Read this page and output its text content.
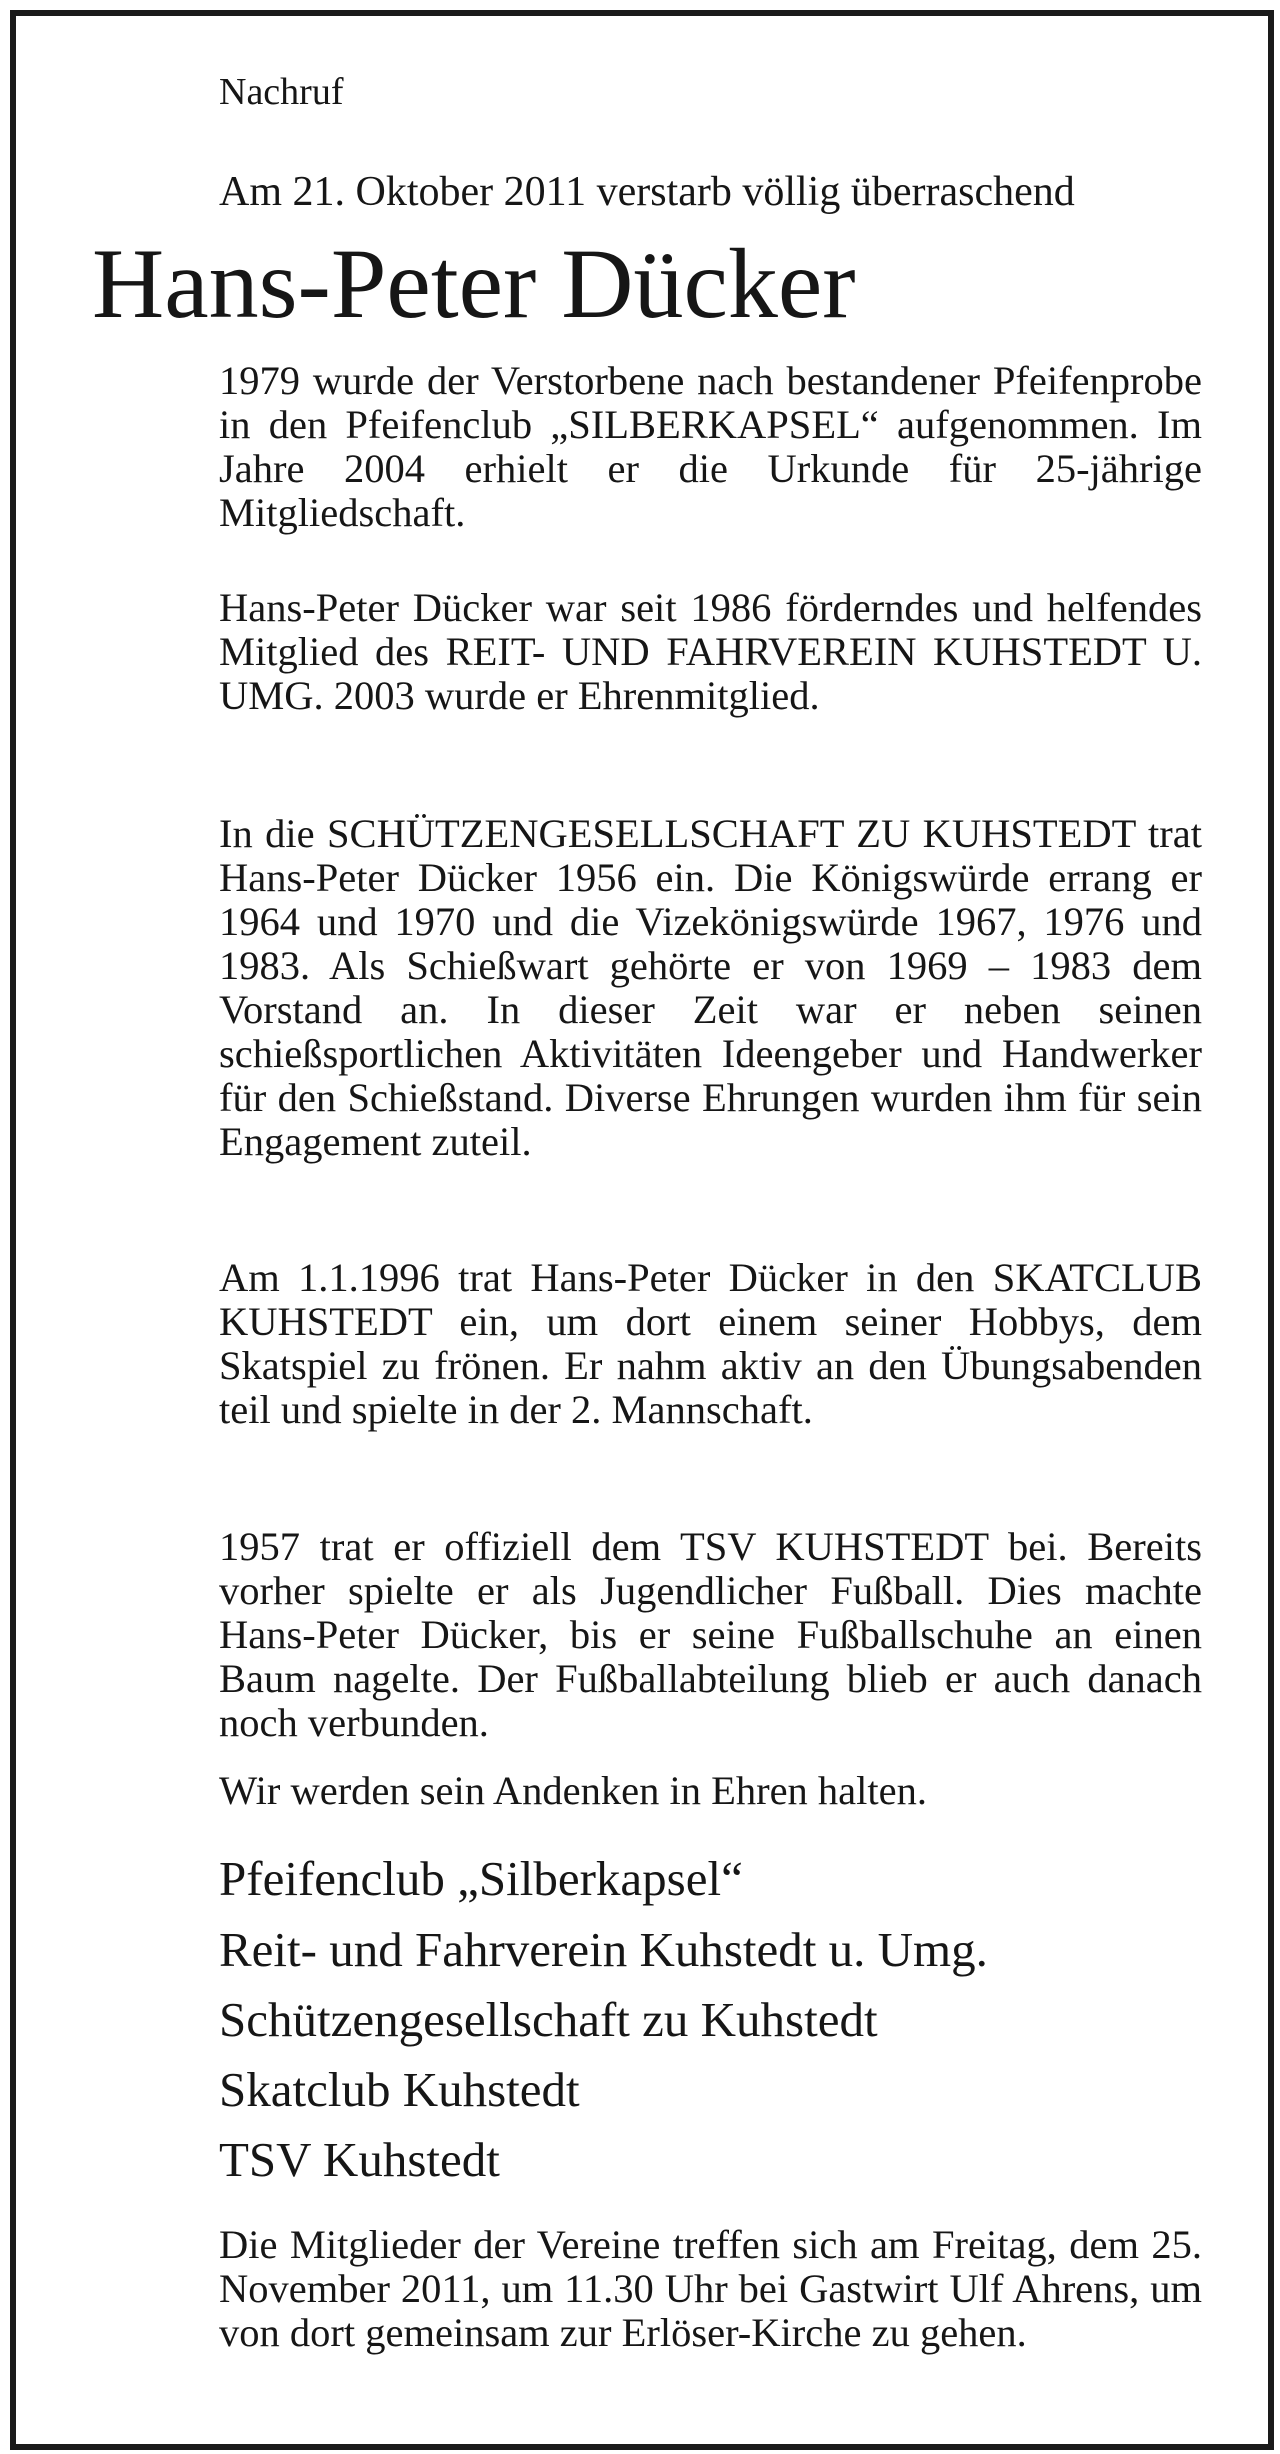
Nachruf
Am 21. Oktober 2011 verstarb völlig überraschend
Hans-Peter Dücker

1979 wurde der Verstorbene nach bestandener Pfeifenprobe in den Pfeifenclub „SILBERKAPSEL“ aufgenommen. Im Jahre 2004 erhielt er die Urkunde für 25-jährige Mitgliedschaft.

Hans-Peter Dücker war seit 1986 förderndes und helfendes Mitglied des REIT- UND FAHRVEREIN KUHSTEDT U. UMG. 2003 wurde er Ehrenmitglied.

In die SCHÜTZENGESELLSCHAFT ZU KUHSTEDT trat Hans-Peter Dücker 1956 ein. Die Königswürde errang er 1964 und 1970 und die Vizekönigswürde 1967, 1976 und 1983. Als Schießwart gehörte er von 1969 – 1983 dem Vorstand an. In dieser Zeit war er neben seinen schießsportlichen Aktivitäten Ideengeber und Handwerker für den Schießstand. Diverse Ehrungen wurden ihm für sein Engagement zuteil.

Am 1.1.1996 trat Hans-Peter Dücker in den SKATCLUB KUHSTEDT ein, um dort einem seiner Hobbys, dem Skatspiel zu frönen. Er nahm aktiv an den Übungsabenden teil und spielte in der 2. Mannschaft.

1957 trat er offiziell dem TSV KUHSTEDT bei. Bereits vorher spielte er als Jugendlicher Fußball. Dies machte Hans-Peter Dücker, bis er seine Fußballschuhe an einen Baum nagelte. Der Fußballabteilung blieb er auch danach noch verbunden.

Wir werden sein Andenken in Ehren halten.
Pfeifenclub „Silberkapsel“
Reit- und Fahrverein Kuhstedt u. Umg.
Schützengesellschaft zu Kuhstedt
Skatclub Kuhstedt
TSV Kuhstedt

Die Mitglieder der Vereine treffen sich am Freitag, dem 25. November 2011, um 11.30 Uhr bei Gastwirt Ulf Ahrens, um von dort gemeinsam zur Erlöser-Kirche zu gehen.
